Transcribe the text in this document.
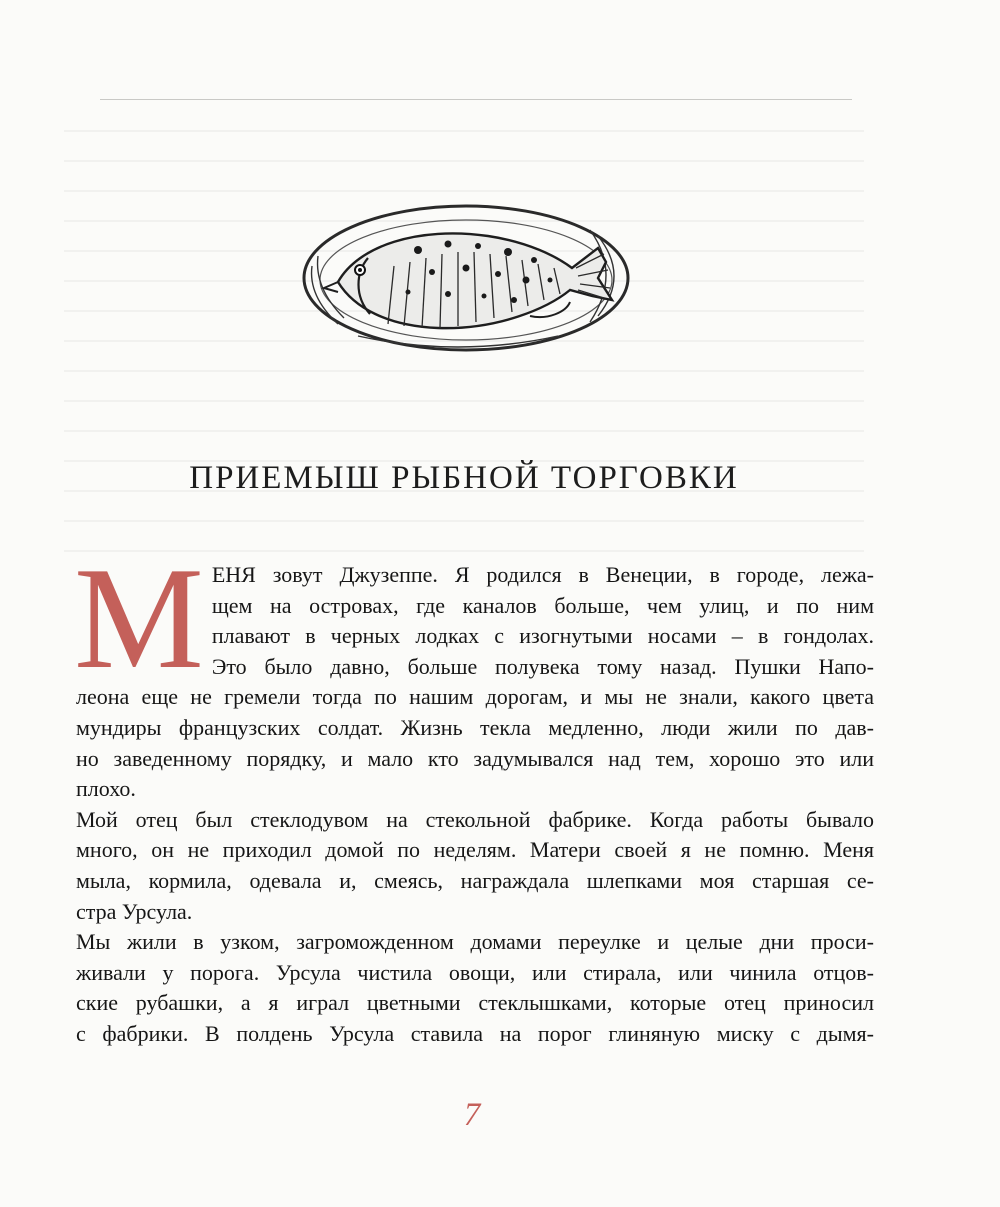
ПРИЕМЫШ РЫБНОЙ ТОРГОВКИ
М ЕНЯ зовут Джузеппе. Я родился в Венеции, в городе, лежа-
щем на островах, где каналов больше, чем улиц, и по ним
плавают в черных лодках с изогнутыми носами – в гондолах.
Это было давно, больше полувека тому назад. Пушки Напо-
леона еще не гремели тогда по нашим дорогам, и мы не знали, какого цвета
мундиры французских солдат. Жизнь текла медленно, люди жили по дав-
но заведенному порядку, и мало кто задумывался над тем, хорошо это или
плохо.
Мой отец был стеклодувом на стекольной фабрике. Когда работы бывало
много, он не приходил домой по неделям. Матери своей я не помню. Меня
мыла, кормила, одевала и, смеясь, награждала шлепками моя старшая се-
стра Урсула.
Мы жили в узком, загроможденном домами переулке и целые дни проси-
живали у порога. Урсула чистила овощи, или стирала, или чинила отцов-
ские рубашки, а я играл цветными стеклышками, которые отец приносил
с фабрики. В полдень Урсула ставила на порог глиняную миску с дымя-
7
